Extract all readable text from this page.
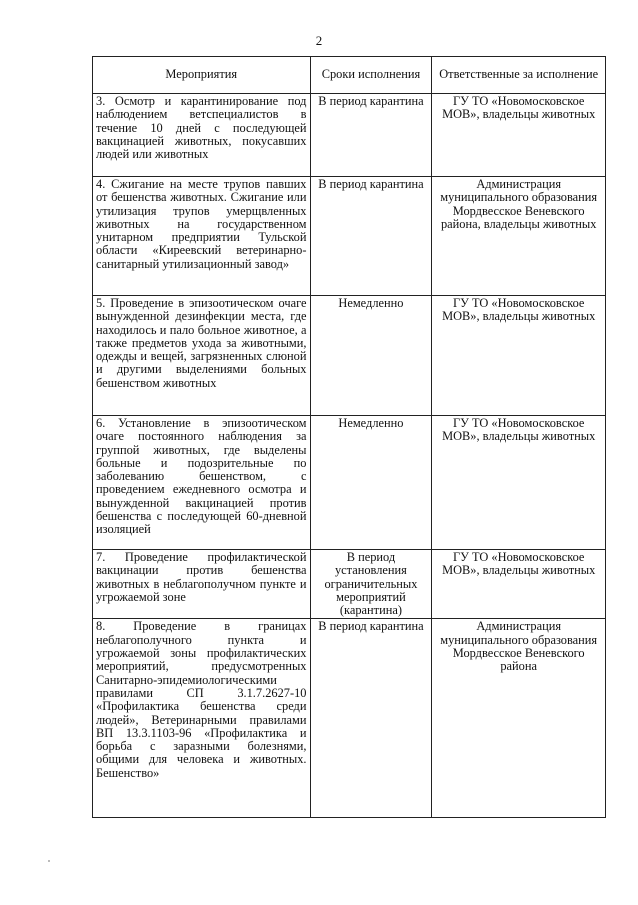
2
Мероприятия	Сроки исполнения	Ответственные за исполнение
3. Осмотр и карантинирование под наблюдением ветспециалистов в течение 10 дней с последующей вакцинацией животных, покусавших людей или животных	В период карантина	ГУ ТО «Новомосковское МОВ», владельцы животных
4. Сжигание на месте трупов павших от бешенства животных. Сжигание или утилизация трупов умерщвленных животных на государственном унитарном предприятии Тульской области «Киреевский ветеринарно-санитарный утилизационный завод»	В период карантина	Администрация муниципального образования Мордвесское Веневского района, владельцы животных
5. Проведение в эпизоотическом очаге вынужденной дезинфекции места, где находилось и пало больное животное, а также предметов ухода за животными, одежды и вещей, загрязненных слюной и другими выделениями больных бешенством животных	Немедленно	ГУ ТО «Новомосковское МОВ», владельцы животных
6. Установление в эпизоотическом очаге постоянного наблюдения за группой животных, где выделены больные и подозрительные по заболеванию бешенством, с проведением ежедневного осмотра и вынужденной вакцинацией против бешенства с последующей 60-дневной изоляцией	Немедленно	ГУ ТО «Новомосковское МОВ», владельцы животных
7. Проведение профилактической вакцинации против бешенства животных в неблагополучном пункте и угрожаемой зоне	В период установления ограничительных мероприятий (карантина)	ГУ ТО «Новомосковское МОВ», владельцы животных
8. Проведение в границах неблагополучного пункта и угрожаемой зоны профилактических мероприятий, предусмотренных Санитарно-эпидемиологическими правилами СП 3.1.7.2627-10 «Профилактика бешенства среди людей», Ветеринарными правилами ВП 13.3.1103-96 «Профилактика и борьба с заразными болезнями, общими для человека и животных. Бешенство»	В период карантина	Администрация муниципального образования Мордвесское Веневского района
